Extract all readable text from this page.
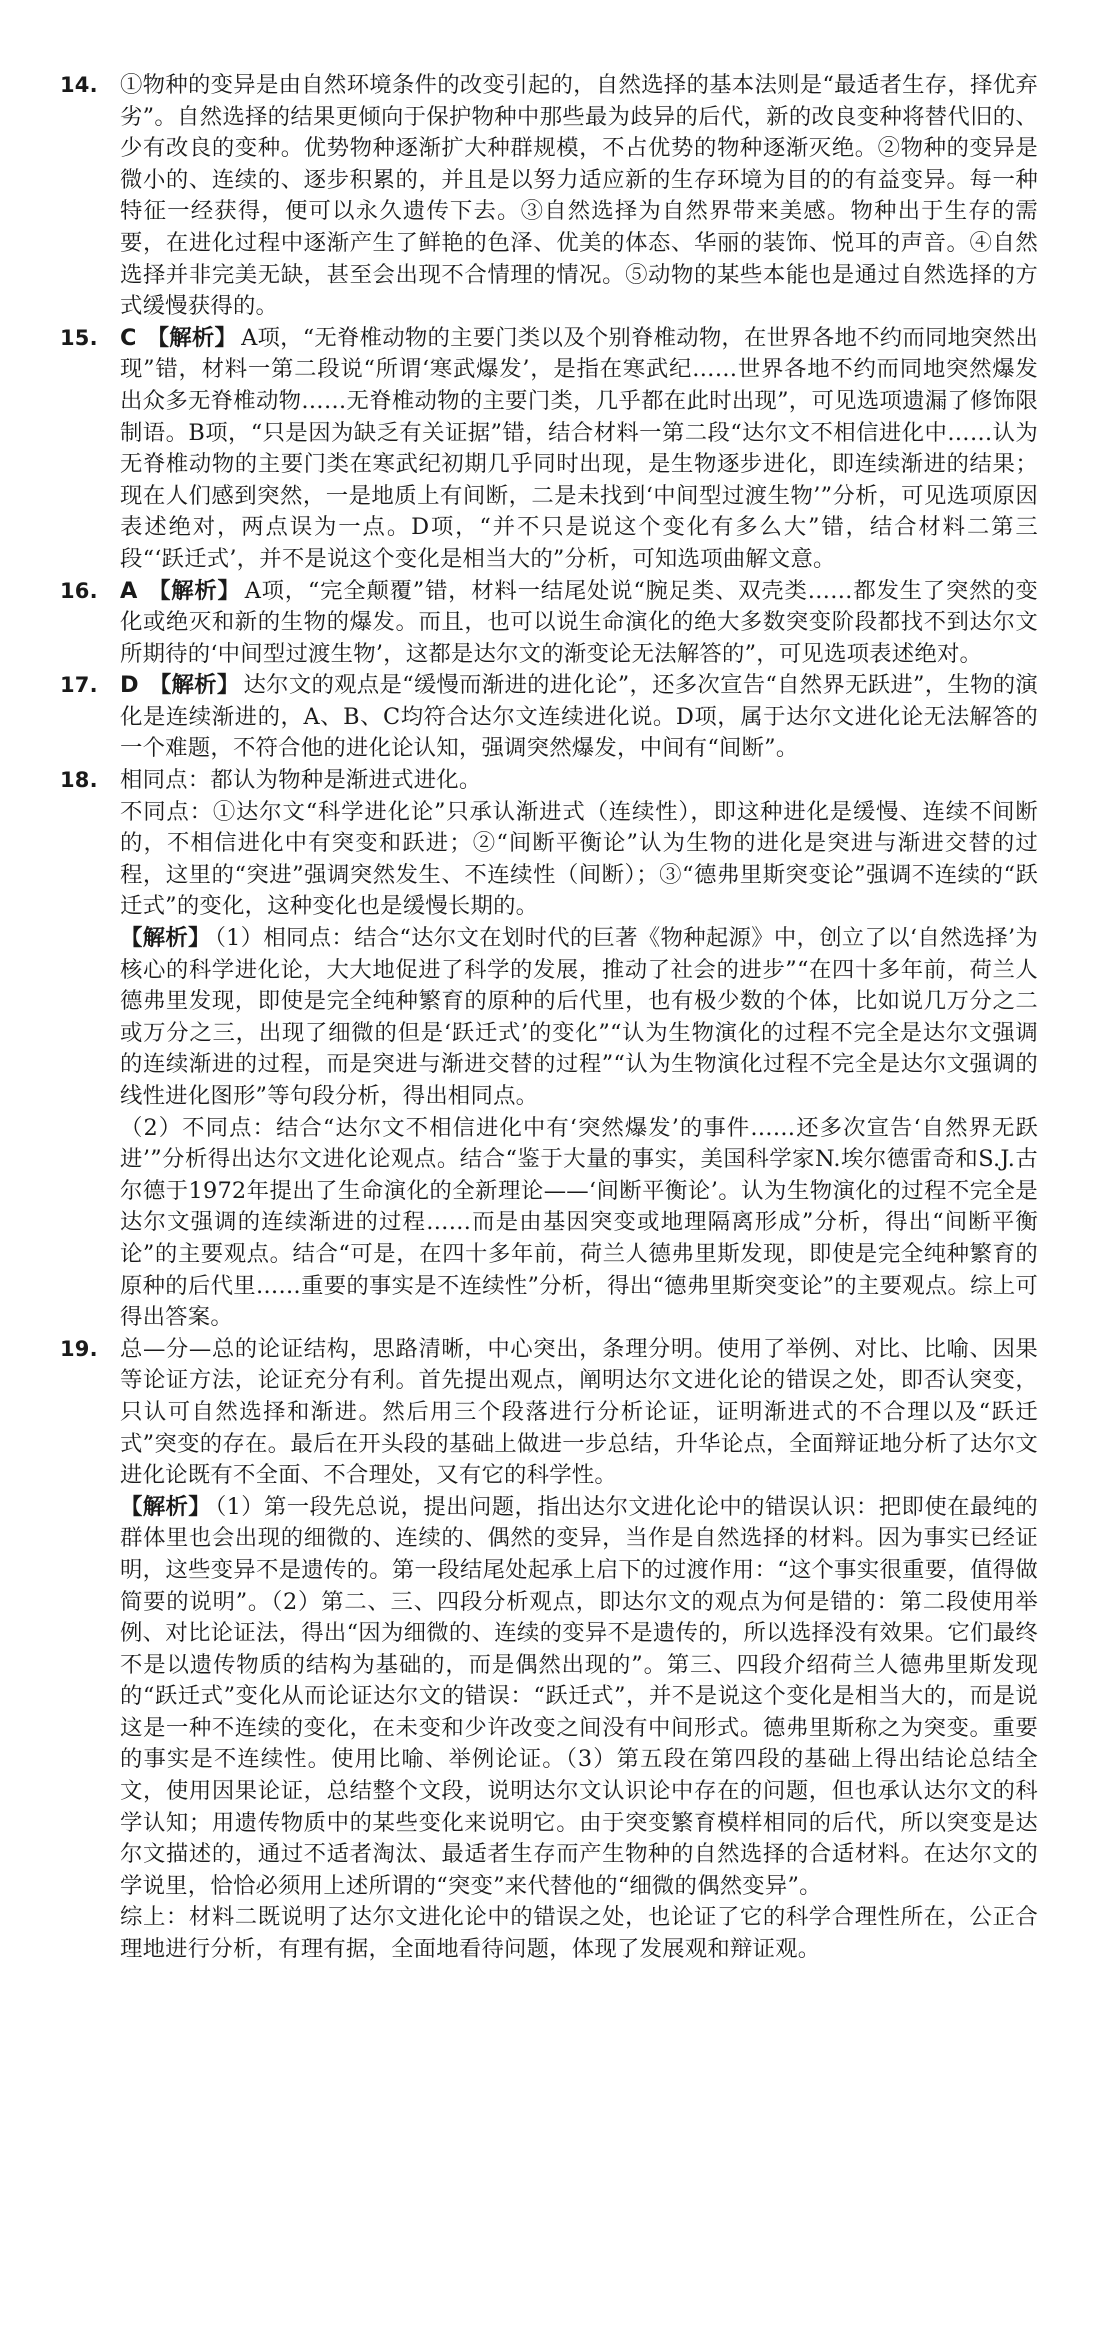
14. ①物种的变异是由自然环境条件的改变引起的，自然选择的基本法则是“最适者生存，择优弃劣”。自然选择的结果更倾向于保护物种中那些最为歧异的后代，新的改良变种将替代旧的、少有改良的变种。优势物种逐渐扩大种群规模，不占优势的物种逐渐灭绝。②物种的变异是微小的、连续的、逐步积累的，并且是以努力适应新的生存环境为目的的有益变异。每一种特征一经获得，便可以永久遗传下去。③自然选择为自然界带来美感。物种出于生存的需要，在进化过程中逐渐产生了鲜艳的色泽、优美的体态、华丽的装饰、悦耳的声音。④自然选择并非完美无缺，甚至会出现不合情理的情况。⑤动物的某些本能也是通过自然选择的方式缓慢获得的。

15. C 【解析】 A项，“无脊椎动物的主要门类以及个别脊椎动物，在世界各地不约而同地突然出现”错，材料一第二段说“所谓‘寒武爆发’，是指在寒武纪……世界各地不约而同地突然爆发出众多无脊椎动物……无脊椎动物的主要门类，几乎都在此时出现”，可见选项遗漏了修饰限制语。B项，“只是因为缺乏有关证据”错，结合材料一第二段“达尔文不相信进化中……认为无脊椎动物的主要门类在寒武纪初期几乎同时出现，是生物逐步进化，即连续渐进的结果；现在人们感到突然，一是地质上有间断，二是未找到‘中间型过渡生物’”分析，可见选项原因表述绝对，两点误为一点。D项，“并不只是说这个变化有多么大”错，结合材料二第三段“‘跃迁式’，并不是说这个变化是相当大的”分析，可知选项曲解文意。

16. A 【解析】 A项，“完全颠覆”错，材料一结尾处说“腕足类、双壳类……都发生了突然的变化或绝灭和新的生物的爆发。而且，也可以说生命演化的绝大多数突变阶段都找不到达尔文所期待的‘中间型过渡生物’，这都是达尔文的渐变论无法解答的”，可见选项表述绝对。

17. D 【解析】 达尔文的观点是“缓慢而渐进的进化论”，还多次宣告“自然界无跃进”，生物的演化是连续渐进的，A、B、C均符合达尔文连续进化说。D项，属于达尔文进化论无法解答的一个难题，不符合他的进化论认知，强调突然爆发，中间有“间断”。

18. 相同点：都认为物种是渐进式进化。

不同点：①达尔文“科学进化论”只承认渐进式（连续性），即这种进化是缓慢、连续不间断的，不相信进化中有突变和跃进；②“间断平衡论”认为生物的进化是突进与渐进交替的过程，这里的“突进”强调突然发生、不连续性（间断）；③“德弗里斯突变论”强调不连续的“跃迁式”的变化，这种变化也是缓慢长期的。

【解析】 （1）相同点：结合“达尔文在划时代的巨著《物种起源》中，创立了以‘自然选择’为核心的科学进化论，大大地促进了科学的发展，推动了社会的进步”“在四十多年前，荷兰人德弗里发现，即使是完全纯种繁育的原种的后代里，也有极少数的个体，比如说几万分之二或万分之三，出现了细微的但是‘跃迁式’的变化”“认为生物演化的过程不完全是达尔文强调的连续渐进的过程，而是突进与渐进交替的过程”“认为生物演化过程不完全是达尔文强调的线性进化图形”等句段分析，得出相同点。

（2）不同点：结合“达尔文不相信进化中有‘突然爆发’的事件……还多次宣告‘自然界无跃进’”分析得出达尔文进化论观点。结合“鉴于大量的事实，美国科学家N.埃尔德雷奇和S.J.古尔德于1972年提出了生命演化的全新理论——‘间断平衡论’。认为生物演化的过程不完全是达尔文强调的连续渐进的过程……而是由基因突变或地理隔离形成”分析，得出“间断平衡论”的主要观点。结合“可是，在四十多年前，荷兰人德弗里斯发现，即使是完全纯种繁育的原种的后代里……重要的事实是不连续性”分析，得出“德弗里斯突变论”的主要观点。综上可得出答案。

19. 总—分—总的论证结构，思路清晰，中心突出，条理分明。使用了举例、对比、比喻、因果等论证方法，论证充分有利。首先提出观点，阐明达尔文进化论的错误之处，即否认突变，只认可自然选择和渐进。然后用三个段落进行分析论证，证明渐进式的不合理以及“跃迁式”突变的存在。最后在开头段的基础上做进一步总结，升华论点，全面辩证地分析了达尔文进化论既有不全面、不合理处，又有它的科学性。

【解析】 （1）第一段先总说，提出问题，指出达尔文进化论中的错误认识：把即使在最纯的群体里也会出现的细微的、连续的、偶然的变异，当作是自然选择的材料。因为事实已经证明，这些变异不是遗传的。第一段结尾处起承上启下的过渡作用：“这个事实很重要，值得做简要的说明”。（2）第二、三、四段分析观点，即达尔文的观点为何是错的：第二段使用举例、对比论证法，得出“因为细微的、连续的变异不是遗传的，所以选择没有效果。它们最终不是以遗传物质的结构为基础的，而是偶然出现的”。第三、四段介绍荷兰人德弗里斯发现的“跃迁式”变化从而论证达尔文的错误：“跃迁式”，并不是说这个变化是相当大的，而是说这是一种不连续的变化，在未变和少许改变之间没有中间形式。德弗里斯称之为突变。重要的事实是不连续性。使用比喻、举例论证。（3）第五段在第四段的基础上得出结论总结全文，使用因果论证，总结整个文段，说明达尔文认识论中存在的问题，但也承认达尔文的科学认知；用遗传物质中的某些变化来说明它。由于突变繁育模样相同的后代，所以突变是达尔文描述的，通过不适者淘汰、最适者生存而产生物种的自然选择的合适材料。在达尔文的学说里，恰恰必须用上述所谓的“突变”来代替他的“细微的偶然变异”。

综上：材料二既说明了达尔文进化论中的错误之处，也论证了它的科学合理性所在，公正合理地进行分析，有理有据，全面地看待问题，体现了发展观和辩证观。
